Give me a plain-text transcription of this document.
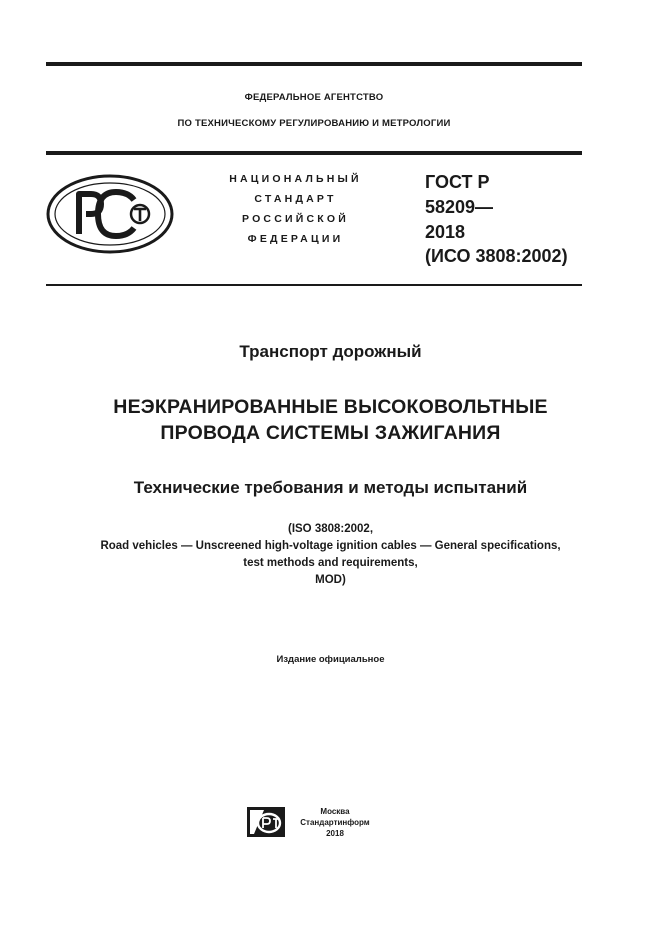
ФЕДЕРАЛЬНОЕ АГЕНТСТВО
ПО ТЕХНИЧЕСКОМУ РЕГУЛИРОВАНИЮ И МЕТРОЛОГИИ
НАЦИОНАЛЬНЫЙ
СТАНДАРТ
РОССИЙСКОЙ
ФЕДЕРАЦИИ
ГОСТ Р
58209—
2018
(ИСО 3808:2002)
Транспорт дорожный
НЕЭКРАНИРОВАННЫЕ ВЫСОКОВОЛЬТНЫЕ
ПРОВОДА СИСТЕМЫ ЗАЖИГАНИЯ
Технические требования и методы испытаний
(ISO 3808:2002,
Road vehicles — Unscreened high-voltage ignition cables — General specifications,
test methods and requirements,
MOD)
Издание официальное
Москва
Стандартинформ
2018
